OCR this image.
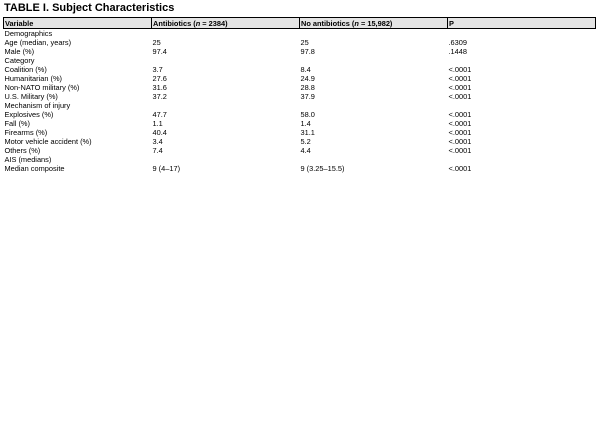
TABLE I. Subject Characteristics
Variable	Antibiotics (n = 2384)	No antibiotics (n = 15,982)	P
Demographics			
Age (median, years)	25	25	.6309
Male (%)	97.4	97.8	.1448
Category			
Coalition (%)	3.7	8.4	<.0001
Humanitarian (%)	27.6	24.9	<.0001
Non-NATO military (%)	31.6	28.8	<.0001
U.S. Military (%)	37.2	37.9	<.0001
Mechanism of injury			
Explosives (%)	47.7	58.0	<.0001
Fall (%)	1.1	1.4	<.0001
Firearms (%)	40.4	31.1	<.0001
Motor vehicle accident (%)	3.4	5.2	<.0001
Others (%)	7.4	4.4	<.0001
AIS (medians)			
Median composite	9 (4–17)	9 (3.25–15.5)	<.0001
